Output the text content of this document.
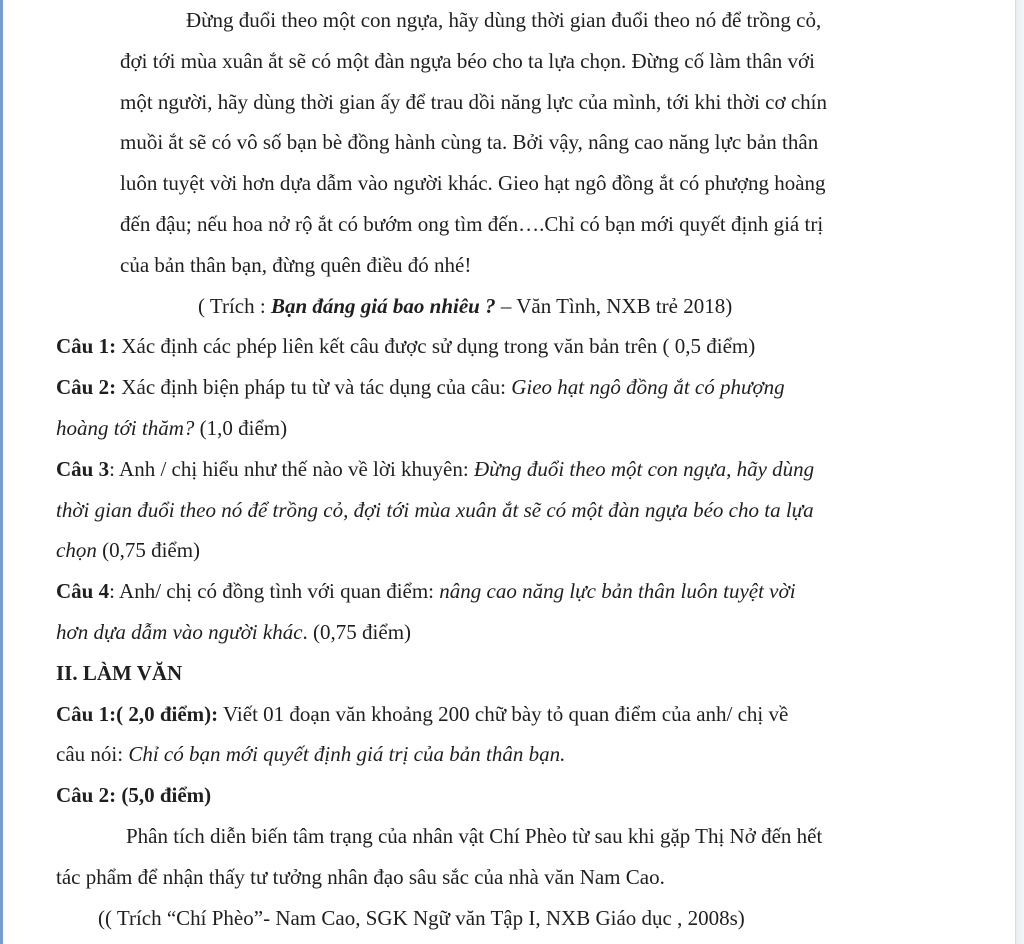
Đừng đuổi theo một con ngựa, hãy dùng thời gian đuổi theo nó để trồng cỏ,
đợi tới mùa xuân ắt sẽ có một đàn ngựa béo cho ta lựa chọn. Đừng cố làm thân với
một người, hãy dùng thời gian ấy để trau dồi năng lực của mình, tới khi thời cơ chín
muồi ắt sẽ có vô số bạn bè đồng hành cùng ta. Bởi vậy, nâng cao năng lực bản thân
luôn tuyệt vời hơn dựa dẫm vào người khác. Gieo hạt ngô đồng ắt có phượng hoàng
đến đậu; nếu hoa nở rộ ắt có bướm ong tìm đến….Chỉ có bạn mới quyết định giá trị
của bản thân bạn, đừng quên điều đó nhé!
( Trích : Bạn đáng giá bao nhiêu ? – Văn Tình, NXB trẻ 2018)
Câu 1: Xác định các phép liên kết câu được sử dụng trong văn bản trên ( 0,5 điểm)
Câu 2: Xác định biện pháp tu từ và tác dụng của câu: Gieo hạt ngô đồng ắt có phượng
hoàng tới thăm? (1,0 điểm)
Câu 3: Anh / chị hiểu như thế nào về lời khuyên: Đừng đuổi theo một con ngựa, hãy dùng
thời gian đuổi theo nó để trồng cỏ, đợi tới mùa xuân ắt sẽ có một đàn ngựa béo cho ta lựa
chọn (0,75 điểm)
Câu 4: Anh/ chị có đồng tình với quan điểm: nâng cao năng lực bản thân luôn tuyệt vời
hơn dựa dẫm vào người khác. (0,75 điểm)
II. LÀM VĂN
Câu 1:( 2,0 điểm): Viết 01 đoạn văn khoảng 200 chữ bày tỏ quan điểm của anh/ chị về
câu nói: Chỉ có bạn mới quyết định giá trị của bản thân bạn.
Câu 2: (5,0 điểm)
Phân tích diễn biến tâm trạng của nhân vật Chí Phèo từ sau khi gặp Thị Nở đến hết
tác phẩm để nhận thấy tư tưởng nhân đạo sâu sắc của nhà văn Nam Cao.
(( Trích “Chí Phèo”- Nam Cao, SGK Ngữ văn Tập I, NXB Giáo dục , 2008s)
